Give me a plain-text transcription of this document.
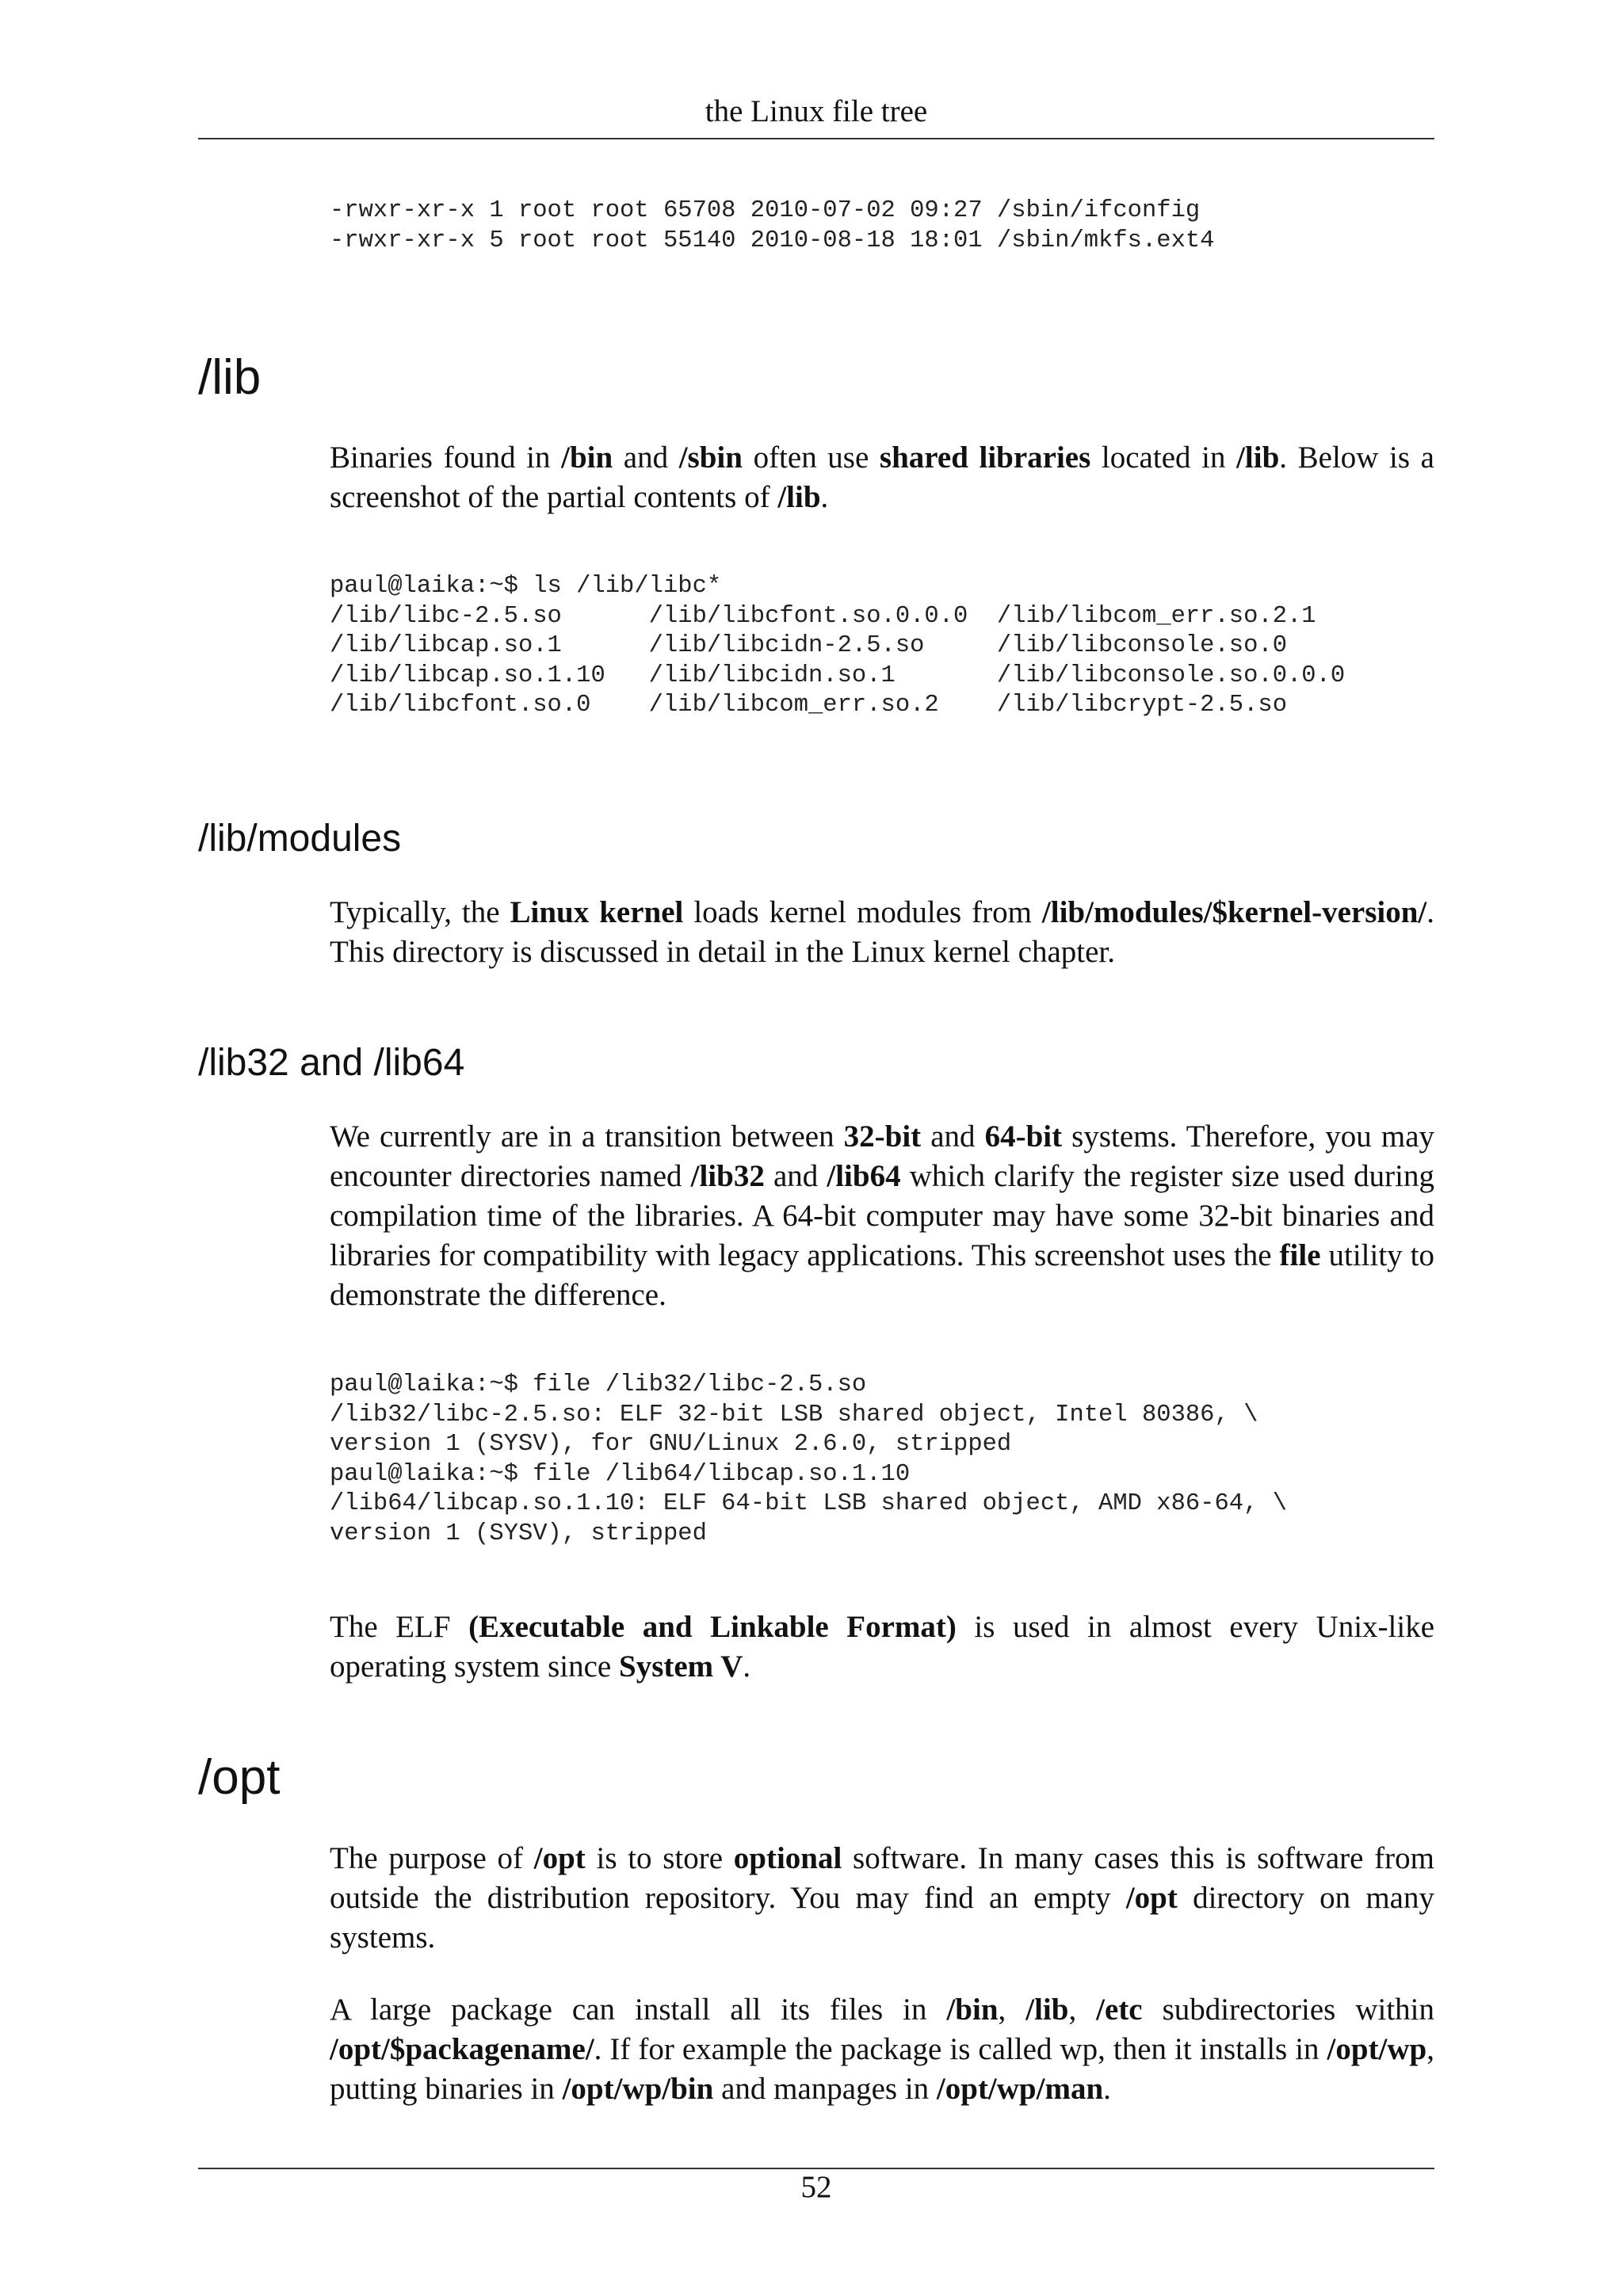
the Linux file tree
-rwxr-xr-x 1 root root 65708 2010-07-02 09:27 /sbin/ifconfig
-rwxr-xr-x 5 root root 55140 2010-08-18 18:01 /sbin/mkfs.ext4
/lib

Binaries found in /bin and /sbin often use shared libraries located in /lib. Below is a screenshot of the partial contents of /lib.

paul@laika:~$ ls /lib/libc*
/lib/libc-2.5.so      /lib/libcfont.so.0.0.0  /lib/libcom_err.so.2.1
/lib/libcap.so.1      /lib/libcidn-2.5.so     /lib/libconsole.so.0
/lib/libcap.so.1.10   /lib/libcidn.so.1       /lib/libconsole.so.0.0.0
/lib/libcfont.so.0    /lib/libcom_err.so.2    /lib/libcrypt-2.5.so
/lib/modules

Typically, the Linux kernel loads kernel modules from /lib/modules/$kernel-version/. This directory is discussed in detail in the Linux kernel chapter.

/lib32 and /lib64

We currently are in a transition between 32-bit and 64-bit systems. Therefore, you may encounter directories named /lib32 and /lib64 which clarify the register size used during compilation time of the libraries. A 64-bit computer may have some 32-bit binaries and libraries for compatibility with legacy applications. This screenshot uses the file utility to demonstrate the difference.

paul@laika:~$ file /lib32/libc-2.5.so
/lib32/libc-2.5.so: ELF 32-bit LSB shared object, Intel 80386, \
version 1 (SYSV), for GNU/Linux 2.6.0, stripped
paul@laika:~$ file /lib64/libcap.so.1.10
/lib64/libcap.so.1.10: ELF 64-bit LSB shared object, AMD x86-64, \
version 1 (SYSV), stripped

The ELF (Executable and Linkable Format) is used in almost every Unix-like operating system since System V.

/opt

The purpose of /opt is to store optional software. In many cases this is software from outside the distribution repository. You may find an empty /opt directory on many systems.

A large package can install all its files in /bin, /lib, /etc subdirectories within /opt/$packagename/. If for example the package is called wp, then it installs in /opt/wp, putting binaries in /opt/wp/bin and manpages in /opt/wp/man.

52
